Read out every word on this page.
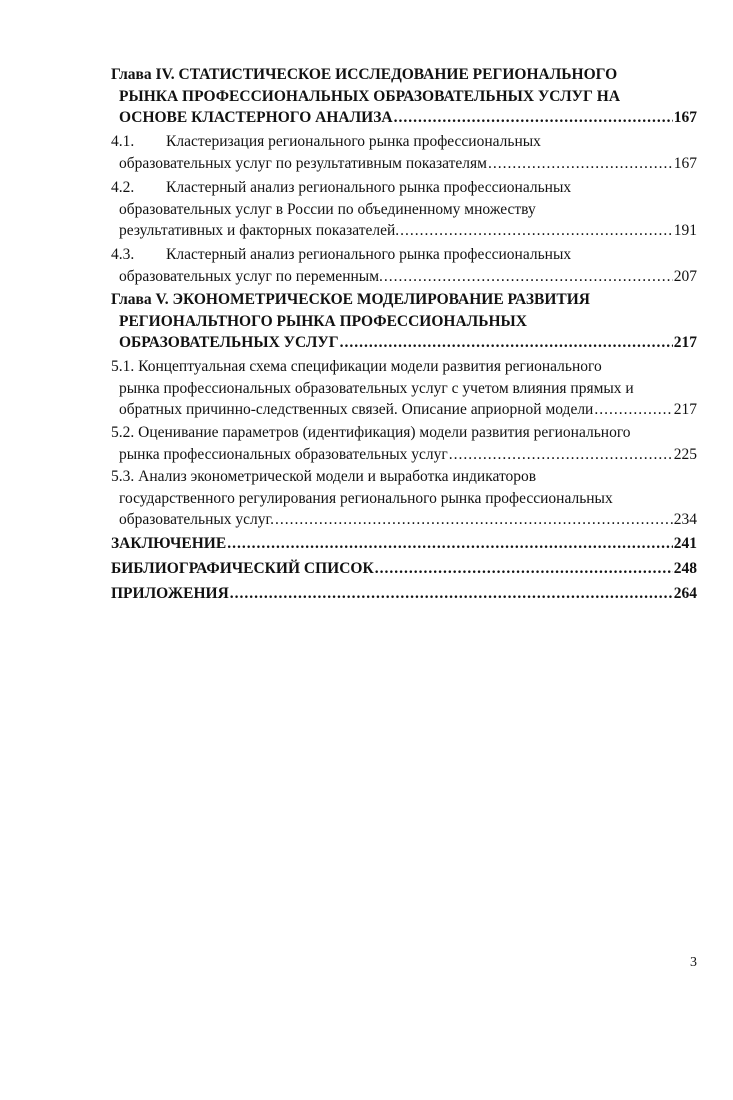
Глава IV. СТАТИСТИЧЕСКОЕ ИССЛЕДОВАНИЕ РЕГИОНАЛЬНОГО
РЫНКА ПРОФЕССИОНАЛЬНЫХ ОБРАЗОВАТЕЛЬНЫХ УСЛУГ НА
ОСНОВЕ КЛАСТЕРНОГО АНАЛИЗА .....	167
4.1. Кластеризация регионального рынка профессиональных
образовательных услуг по результативным показателям .....	167
4.2. Кластерный анализ регионального рынка профессиональных
образовательных услуг в России по объединенному множеству
результативных и факторных показателей. .....	191
4.3. Кластерный анализ регионального рынка профессиональных
образовательных услуг по переменным. .....	207
Глава V. ЭКОНОМЕТРИЧЕСКОЕ МОДЕЛИРОВАНИЕ РАЗВИТИЯ
РЕГИОНАЛЬТНОГО РЫНКА ПРОФЕССИОНАЛЬНЫХ
ОБРАЗОВАТЕЛЬНЫХ УСЛУГ .....	217
5.1. Концептуальная схема спецификации модели развития регионального
рынка профессиональных образовательных услуг с учетом влияния прямых и
обратных причинно-следственных связей. Описание априорной модели .....	217
5.2. Оценивание параметров (идентификация) модели развития регионального
рынка профессиональных образовательных услуг .....	225
5.3. Анализ эконометрической модели и выработка индикаторов
государственного регулирования регионального рынка профессиональных
образовательных услуг. .....	234
ЗАКЛЮЧЕНИЕ .....	241
БИБЛИОГРАФИЧЕСКИЙ СПИСОК .....	248
ПРИЛОЖЕНИЯ .....	264
3
